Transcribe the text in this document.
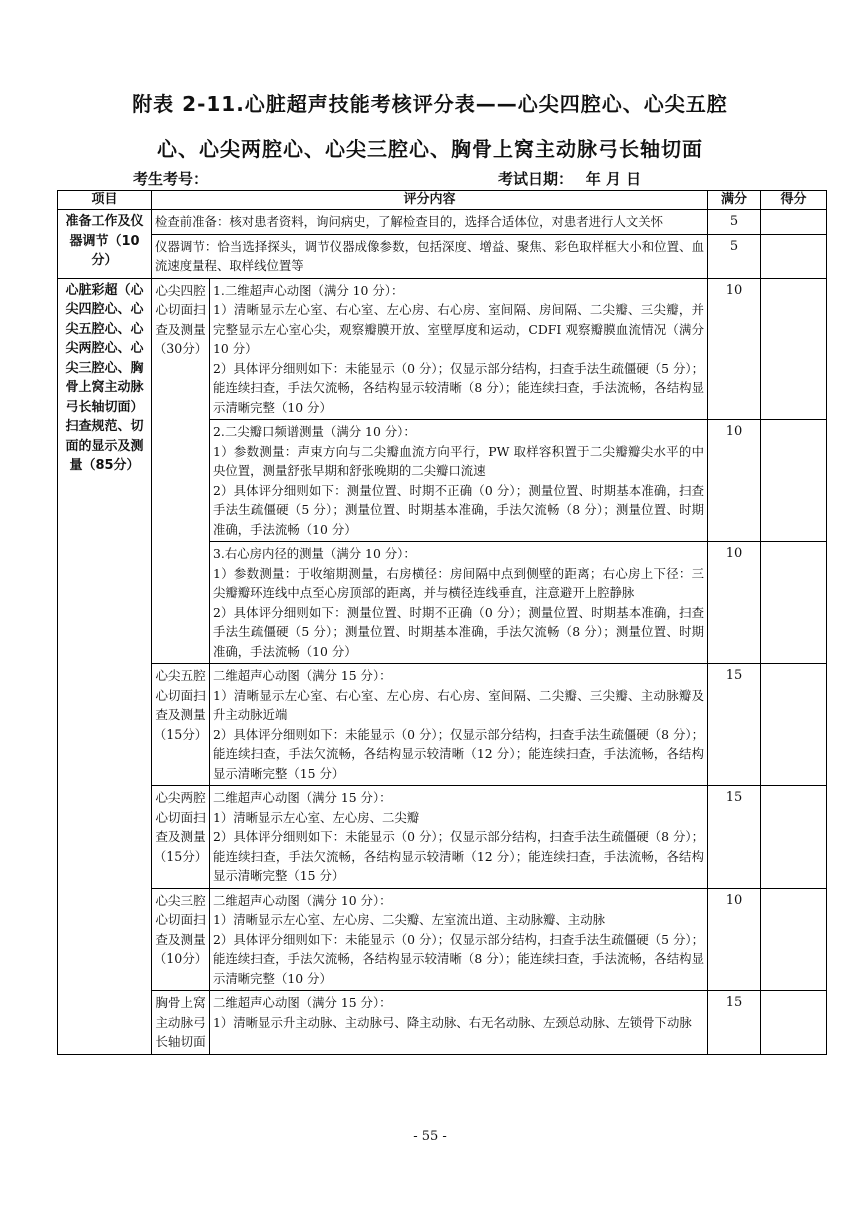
附表 2-11.心脏超声技能考核评分表——心尖四腔心、心尖五腔
心、心尖两腔心、心尖三腔心、胸骨上窝主动脉弓长轴切面
考生考号：	考试日期：　 年 月 日
项目	评分内容		满分	得分
准备工作及仪器调节（10分）	检查前准备：核对患者资料，询问病史，了解检查目的，选择合适体位，对患者进行人文关怀		5	
	仪器调节：恰当选择探头，调节仪器成像参数，包括深度、增益、聚焦、彩色取样框大小和位置、血流速度量程、取样线位置等		5	
心脏彩超（心尖四腔心、心尖五腔心、心尖两腔心、心尖三腔心、胸骨上窝主动脉弓长轴切面）扫查规范、切面的显示及测量（85分）	心尖四腔心切面扫查及测量（30分）	1.二维超声心动图（满分 10 分）：
1）清晰显示左心室、右心室、左心房、右心房、室间隔、房间隔、二尖瓣、三尖瓣，并完整显示左心室心尖，观察瓣膜开放、室壁厚度和运动，CDFI 观察瓣膜血流情况（满分 10 分）
2）具体评分细则如下：未能显示（0 分）；仅显示部分结构，扫查手法生疏僵硬（5 分）；能连续扫查，手法欠流畅，各结构显示较清晰（8 分）；能连续扫查，手法流畅，各结构显示清晰完整（10 分）	10	

		2.二尖瓣口频谱测量（满分 10 分）：
1）参数测量：声束方向与二尖瓣血流方向平行，PW 取样容积置于二尖瓣瓣尖水平的中央位置，测量舒张早期和舒张晚期的二尖瓣口流速
2）具体评分细则如下：测量位置、时期不正确（0 分）；测量位置、时期基本准确，扫查手法生疏僵硬（5 分）；测量位置、时期基本准确，手法欠流畅（8 分）；测量位置、时期准确，手法流畅（10 分）	10	

		3.右心房内径的测量（满分 10 分）：
1）参数测量：于收缩期测量，右房横径：房间隔中点到侧壁的距离；右心房上下径：三尖瓣瓣环连线中点至心房顶部的距离，并与横径连线垂直，注意避开上腔静脉
2）具体评分细则如下：测量位置、时期不正确（0 分）；测量位置、时期基本准确，扫查手法生疏僵硬（5 分）；测量位置、时期基本准确，手法欠流畅（8 分）；测量位置、时期准确，手法流畅（10 分）	10	
	心尖五腔心切面扫查及测量（15分）	二维超声心动图（满分 15 分）：
1）清晰显示左心室、右心室、左心房、右心房、室间隔、二尖瓣、三尖瓣、主动脉瓣及升主动脉近端
2）具体评分细则如下：未能显示（0 分）；仅显示部分结构，扫查手法生疏僵硬（8 分）；能连续扫查，手法欠流畅，各结构显示较清晰（12 分）；能连续扫查，手法流畅，各结构显示清晰完整（15 分）	15	
	心尖两腔心切面扫查及测量（15分）	二维超声心动图（满分 15 分）：
1）清晰显示左心室、左心房、二尖瓣
2）具体评分细则如下：未能显示（0 分）；仅显示部分结构，扫查手法生疏僵硬（8 分）；能连续扫查，手法欠流畅，各结构显示较清晰（12 分）；能连续扫查，手法流畅，各结构显示清晰完整（15 分）	15	
	心尖三腔心切面扫查及测量（10分）	二维超声心动图（满分 10 分）：
1）清晰显示左心室、左心房、二尖瓣、左室流出道、主动脉瓣、主动脉
2）具体评分细则如下：未能显示（0 分）；仅显示部分结构，扫查手法生疏僵硬（5 分）；能连续扫查，手法欠流畅，各结构显示较清晰（8 分）；能连续扫查，手法流畅，各结构显示清晰完整（10 分）	10	
	胸骨上窝主动脉弓长轴切面	二维超声心动图（满分 15 分）：
1）清晰显示升主动脉、主动脉弓、降主动脉、右无名动脉、左颈总动脉、左锁骨下动脉	15	
- 55 -
